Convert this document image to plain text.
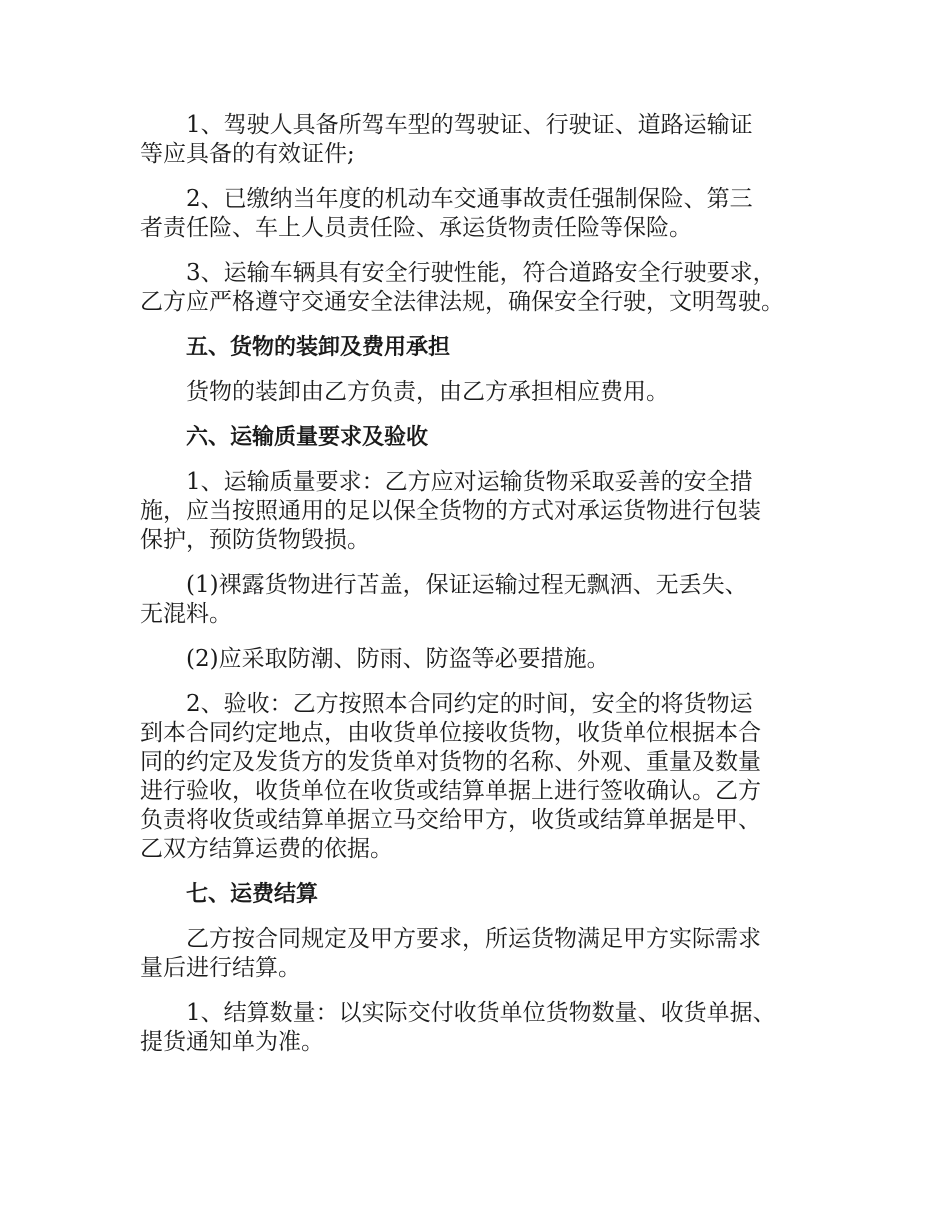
1、驾驶人具备所驾车型的驾驶证、行驶证、道路运输证
等应具备的有效证件;

2、已缴纳当年度的机动车交通事故责任强制保险、第三
者责任险、车上人员责任险、承运货物责任险等保险。

3、运输车辆具有安全行驶性能，符合道路安全行驶要求，
乙方应严格遵守交通安全法律法规，确保安全行驶，文明驾驶。

五、货物的装卸及费用承担

货物的装卸由乙方负责，由乙方承担相应费用。

六、运输质量要求及验收

1、运输质量要求：乙方应对运输货物采取妥善的安全措
施，应当按照通用的足以保全货物的方式对承运货物进行包装
保护，预防货物毁损。

(1)裸露货物进行苫盖，保证运输过程无飘洒、无丢失、
无混料。

(2)应采取防潮、防雨、防盗等必要措施。

2、验收：乙方按照本合同约定的时间，安全的将货物运
到本合同约定地点，由收货单位接收货物，收货单位根据本合
同的约定及发货方的发货单对货物的名称、外观、重量及数量
进行验收，收货单位在收货或结算单据上进行签收确认。乙方
负责将收货或结算单据立马交给甲方，收货或结算单据是甲、
乙双方结算运费的依据。

七、运费结算

乙方按合同规定及甲方要求，所运货物满足甲方实际需求
量后进行结算。

1、结算数量：以实际交付收货单位货物数量、收货单据、
提货通知单为准。
